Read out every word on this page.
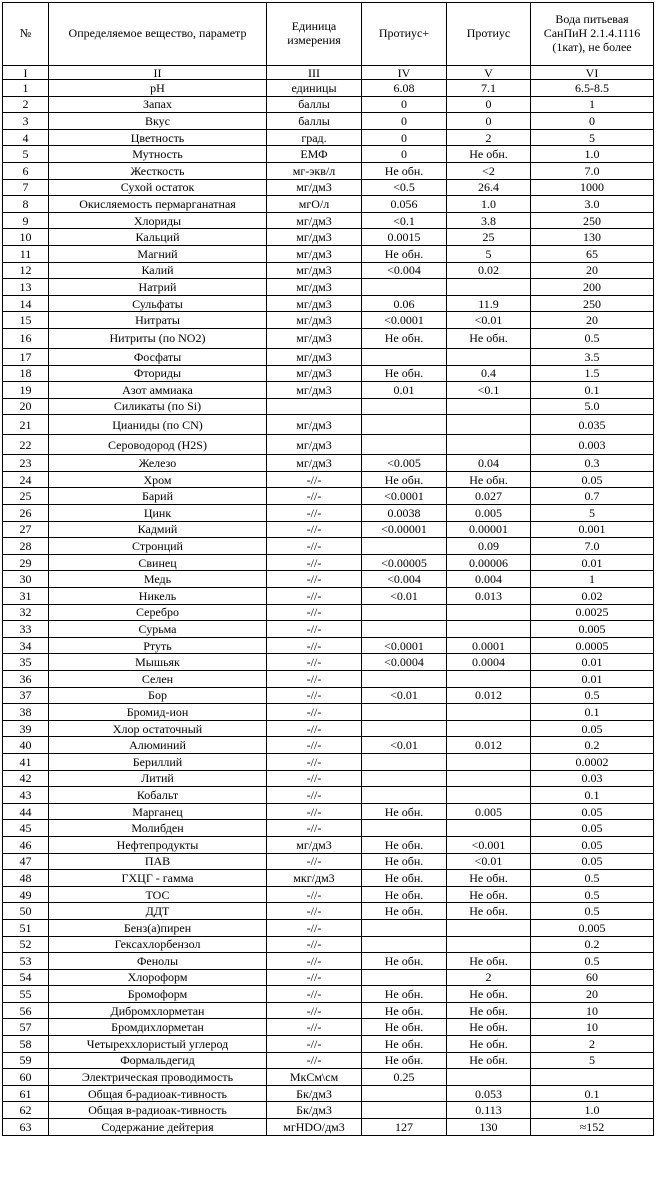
№	Определяемое вещество, параметр	Единица измерения	Протиус+	Протиус	Вода питьевая СанПиН 2.1.4.1116 (1кат), не более
I	II	III	IV	V	VI
1	pH	единицы	6.08	7.1	6.5-8.5
2	Запах	баллы	0	0	1
3	Вкус	баллы	0	0	0
4	Цветность	град.	0	2	5
5	Мутность	ЕМФ	0	Не обн.	1.0
6	Жесткость	мг-экв/л	Не обн.	<2	7.0
7	Сухой остаток	мг/дм3	<0.5	26.4	1000
8	Окисляемость пермарганатная	мгО/л	0.056	1.0	3.0
9	Хлориды	мг/дм3	<0.1	3.8	250
10	Кальций	мг/дм3	0.0015	25	130
11	Магний	мг/дм3	Не обн.	5	65
12	Калий	мг/дм3	<0.004	0.02	20
13	Натрий	мг/дм3			200
14	Сульфаты	мг/дм3	0.06	11.9	250
15	Нитраты	мг/дм3	<0.0001	<0.01	20
16	Нитриты (по NO2)	мг/дм3	Не обн.	Не обн.	0.5
17	Фосфаты	мг/дм3			3.5
18	Фториды	мг/дм3	Не обн.	0.4	1.5
19	Азот аммиака	мг/дм3	0.01	<0.1	0.1
20	Силикаты (по Si)				5.0
21	Цианиды (по CN)	мг/дм3			0.035
22	Сероводород (H2S)	мг/дм3			0.003
23	Железо	мг/дм3	<0.005	0.04	0.3
24	Хром	-//-	Не обн.	Не обн.	0.05
25	Барий	-//-	<0.0001	0.027	0.7
26	Цинк	-//-	0.0038	0.005	5
27	Кадмий	-//-	<0.00001	0.00001	0.001
28	Стронций	-//-		0.09	7.0
29	Свинец	-//-	<0.00005	0.00006	0.01
30	Медь	-//-	<0.004	0.004	1
31	Никель	-//-	<0.01	0.013	0.02
32	Серебро	-//-			0.0025
33	Сурьма	-//-			0.005
34	Ртуть	-//-	<0.0001	0.0001	0.0005
35	Мышьяк	-//-	<0.0004	0.0004	0.01
36	Селен	-//-			0.01
37	Бор	-//-	<0.01	0.012	0.5
38	Бромид-ион	-//-			0.1
39	Хлор остаточный	-//-			0.05
40	Алюминий	-//-	<0.01	0.012	0.2
41	Бериллий	-//-			0.0002
42	Литий	-//-			0.03
43	Кобальт	-//-			0.1
44	Марганец	-//-	Не обн.	0.005	0.05
45	Молибден	-//-			0.05
46	Нефтепродукты	мг/дм3	Не обн.	<0.001	0.05
47	ПАВ	-//-	Не обн.	<0.01	0.05
48	ГХЦГ - гамма	мкг/дм3	Не обн.	Не обн.	0.5
49	ТОС	-//-	Не обн.	Не обн.	0.5
50	ДДТ	-//-	Не обн.	Не обн.	0.5
51	Бенз(а)пирен	-//-			0.005
52	Гексахлорбензол	-//-			0.2
53	Фенолы	-//-	Не обн.	Не обн.	0.5
54	Хлороформ	-//-		2	60
55	Бромоформ	-//-	Не обн.	Не обн.	20
56	Дибромхлорметан	-//-	Не обн.	Не обн.	10
57	Бромдихлорметан	-//-	Не обн.	Не обн.	10
58	Четыреххлористый углерод	-//-	Не обн.	Не обн.	2
59	Формальдегид	-//-	Не обн.	Не обн.	5
60	Электрическая проводимость	МкСм\см	0.25		
61	Общая б-радиоак-тивность	Бк/дм3		0.053	0.1
62	Общая в-радиоак-тивность	Бк/дм3		0.113	1.0
63	Содержание дейтерия	мгHDO/дм3	127	130	≈152
